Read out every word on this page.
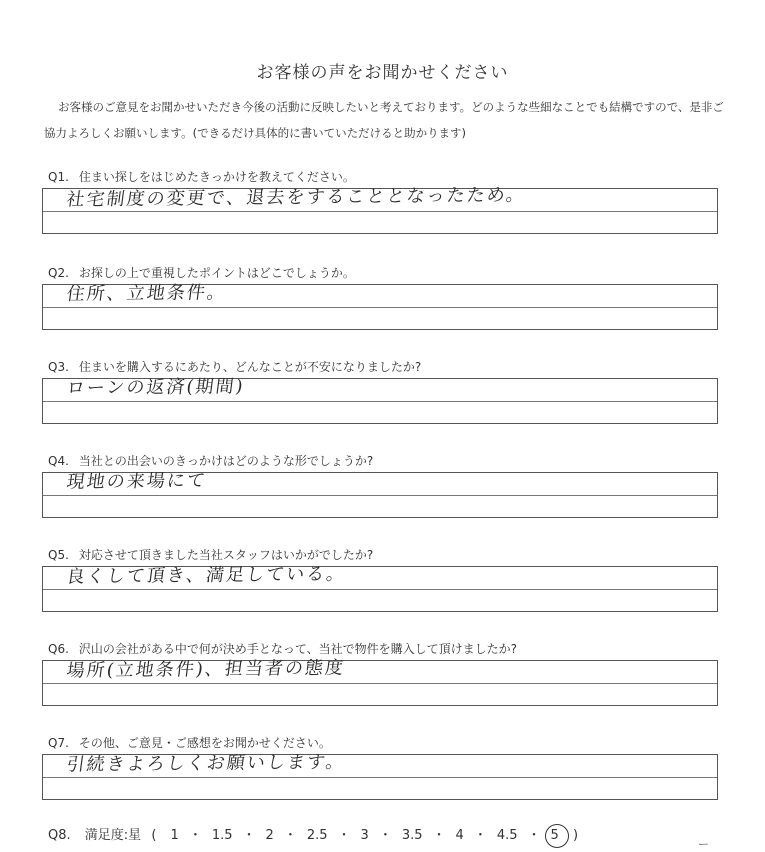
お客様の声をお聞かせください
お客様のご意見をお聞かせいただき今後の活動に反映したいと考えております。どのような些細なことでも結構ですので、是非ご協力よろしくお願いします。(できるだけ具体的に書いていただけると助かります)
Q1. 住まい探しをはじめたきっかけを教えてください。
社宅制度の変更で、退去をすることとなったため。
Q2. お探しの上で重視したポイントはどこでしょうか。
住所、立地条件。
Q3. 住まいを購入するにあたり、どんなことが不安になりましたか?
ローンの返済(期間)
Q4. 当社との出会いのきっかけはどのような形でしょうか?
現地の来場にて
Q5. 対応させて頂きました当社スタッフはいかがでしたか?
良くして頂き、満足している。
Q6. 沢山の会社がある中で何が決め手となって、当社で物件を購入して頂けましたか?
場所(立地条件)、担当者の態度
Q7. その他、ご意見・ご感想をお聞かせください。
引続きよろしくお願いします。
Q8. 満足度:星 ( 1 ・ 1.5 ・ 2 ・ 2.5 ・ 3 ・ 3.5 ・ 4 ・ 4.5 ・ 5 )
ー
